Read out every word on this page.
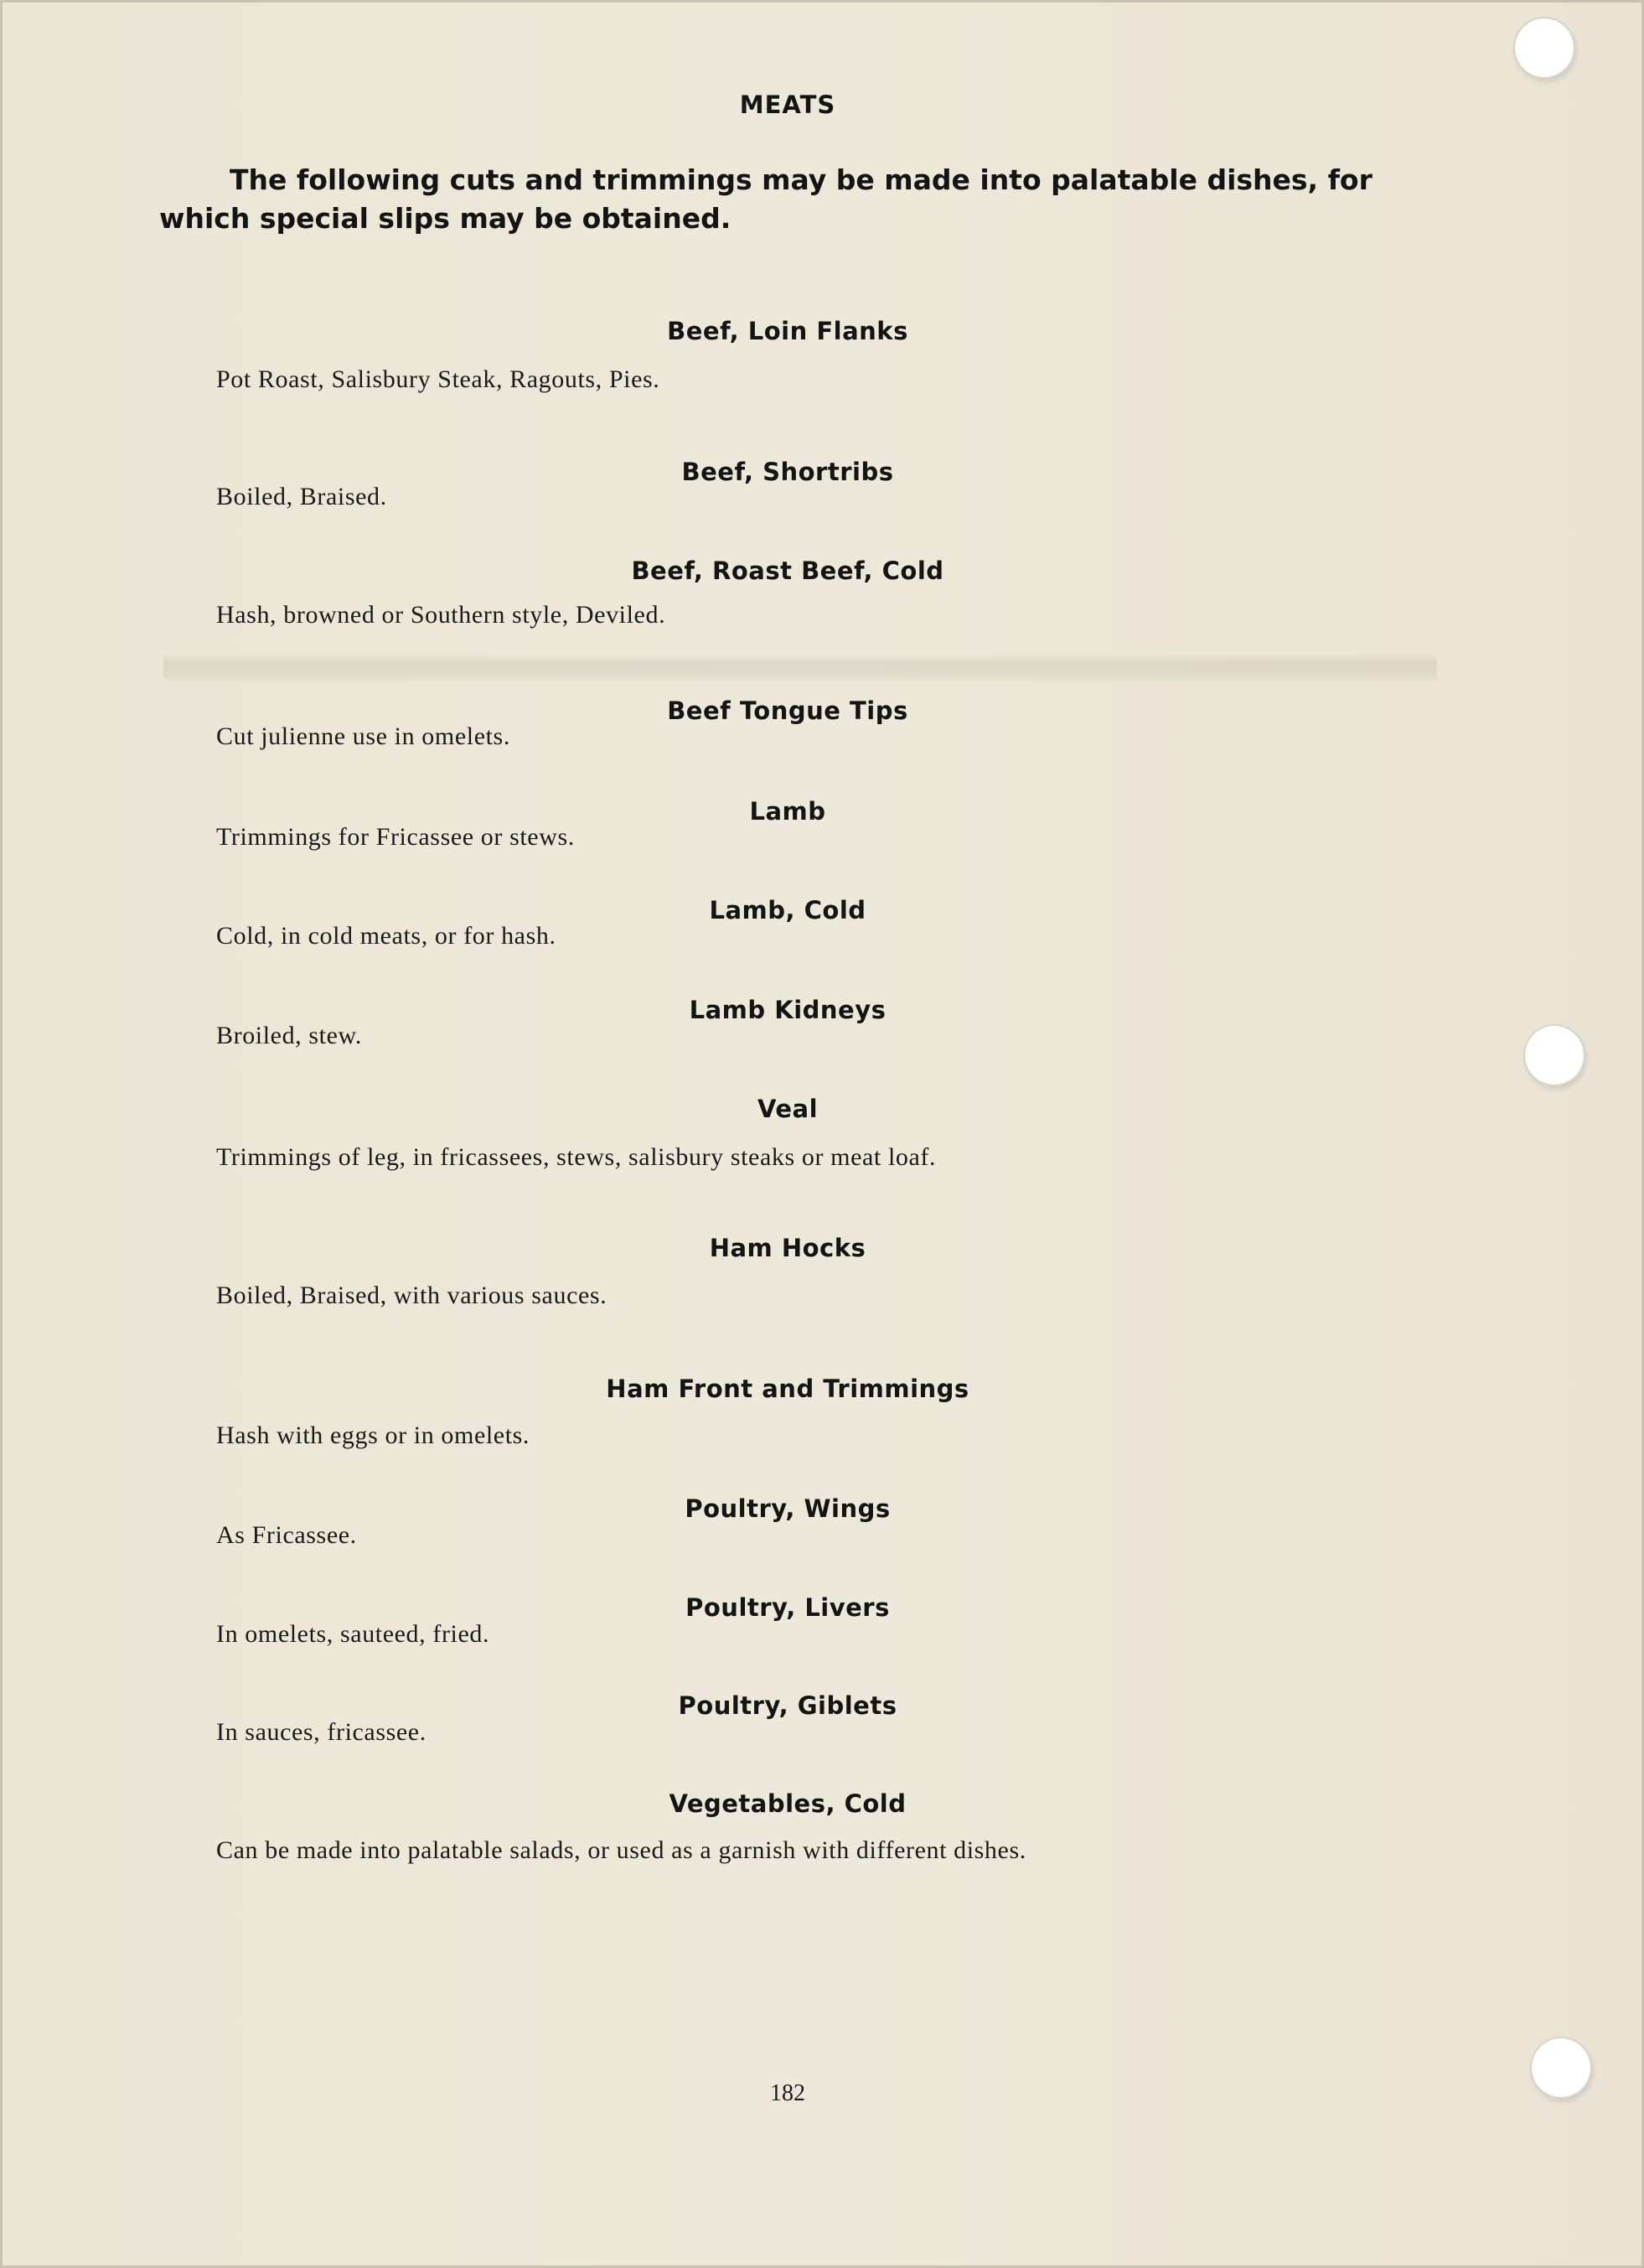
MEATS
The following cuts and trimmings may be made into palatable dishes, for which special slips may be obtained.
Beef, Loin Flanks
Pot Roast, Salisbury Steak, Ragouts, Pies.
Beef, Shortribs
Boiled, Braised.
Beef, Roast Beef, Cold
Hash, browned or Southern style, Deviled.
Beef Tongue Tips
Cut julienne use in omelets.
Lamb
Trimmings for Fricassee or stews.
Lamb, Cold
Cold, in cold meats, or for hash.
Lamb Kidneys
Broiled, stew.
Veal
Trimmings of leg, in fricassees, stews, salisbury steaks or meat loaf.
Ham Hocks
Boiled, Braised, with various sauces.
Ham Front and Trimmings
Hash with eggs or in omelets.
Poultry, Wings
As Fricassee.
Poultry, Livers
In omelets, sauteed, fried.
Poultry, Giblets
In sauces, fricassee.
Vegetables, Cold
Can be made into palatable salads, or used as a garnish with different dishes.
182
